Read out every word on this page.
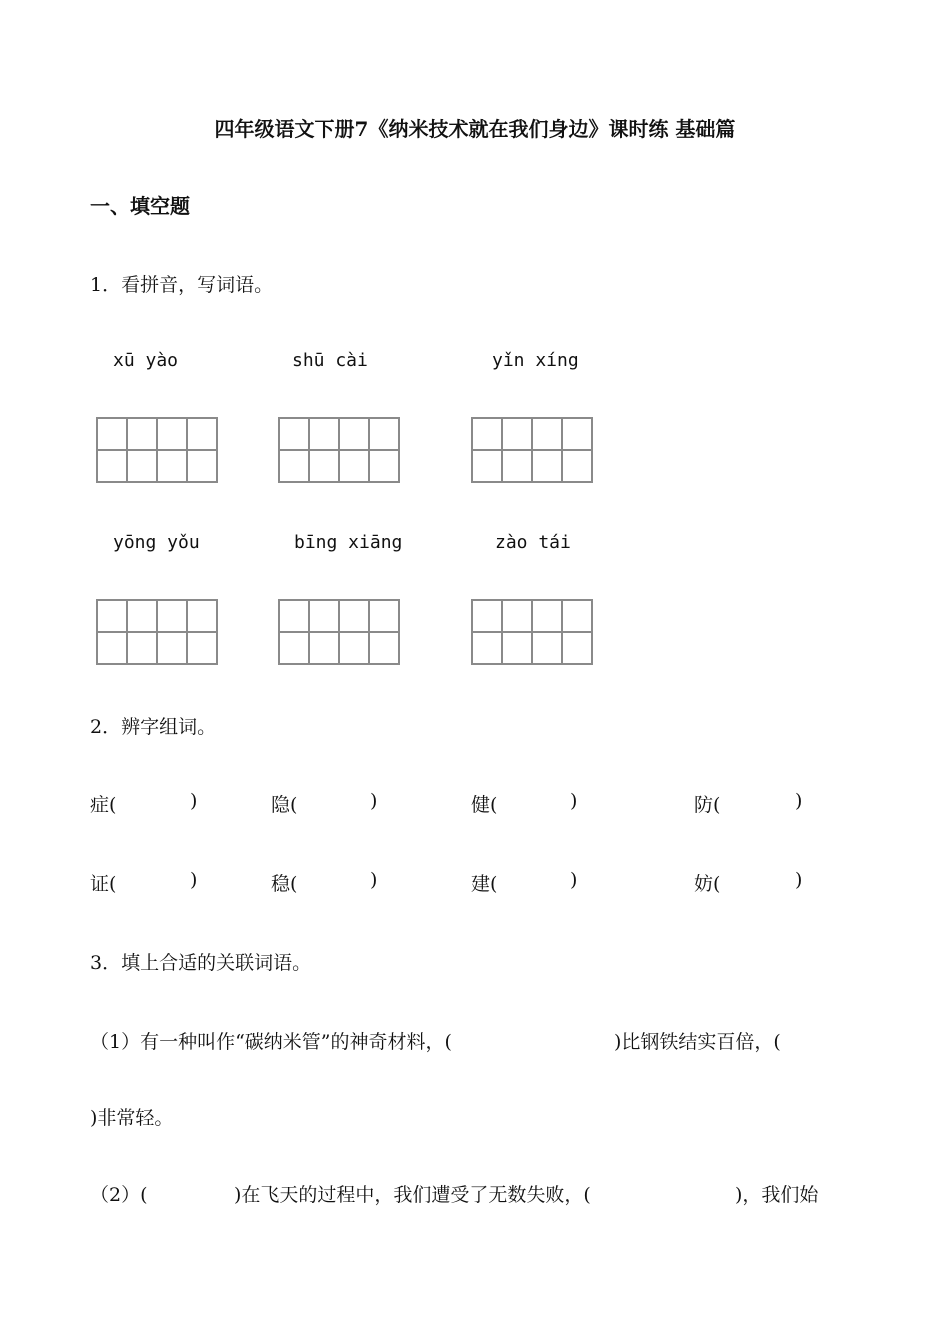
四年级语文下册7《纳米技术就在我们身边》课时练 基础篇
一、填空题
1．看拼音，写词语。
xū yào	shū cài	yǐn xíng
yōng yǒu	bīng xiāng	zào tái
2．辨字组词。
症(	)	隐(	)	健(	)	防(	)
证(	)	稳(	)	建(	)	妨(	)
3．填上合适的关联词语。
（1）有一种叫作“碳纳米管”的神奇材料，(	)比钢铁结实百倍，(
)非常轻。
（2）(	)在飞天的过程中，我们遭受了无数失败，(	)，我们始
